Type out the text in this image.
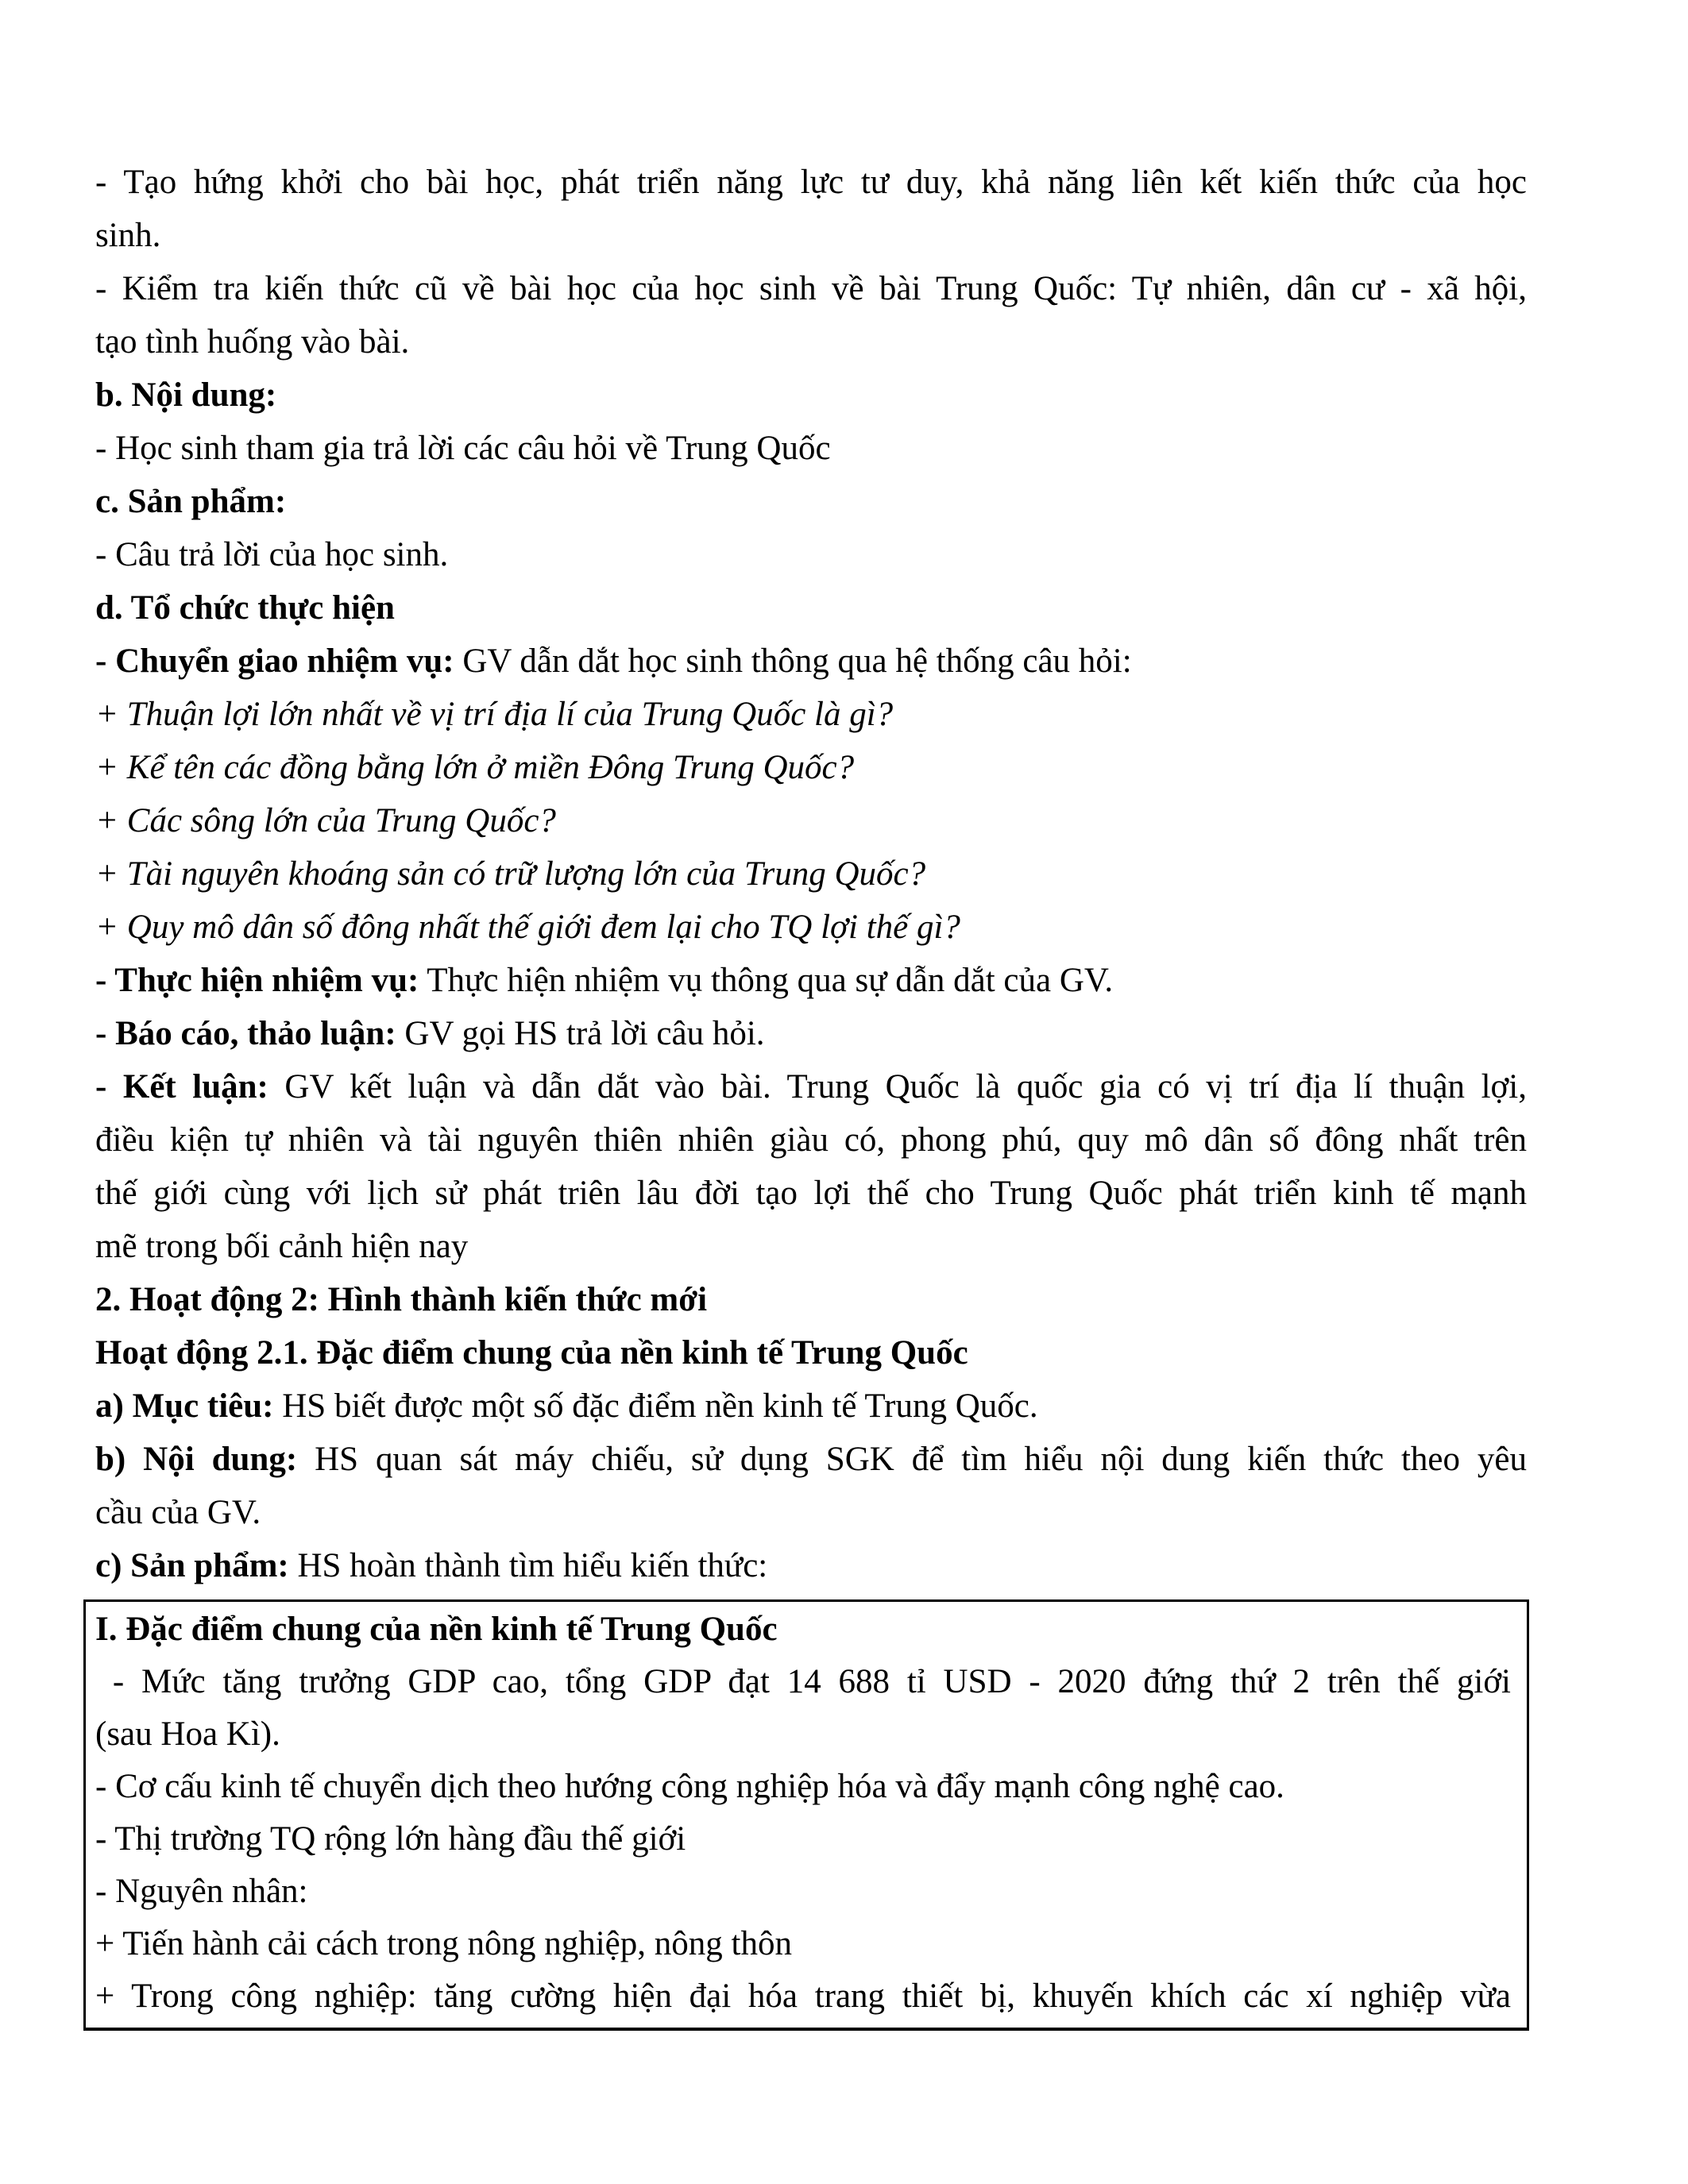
- Tạo hứng khởi cho bài học, phát triển năng lực tư duy, khả năng liên kết kiến thức của học
sinh.
- Kiểm tra kiến thức cũ về bài học của học sinh về bài Trung Quốc: Tự nhiên, dân cư - xã hội,
tạo tình huống vào bài.
b. Nội dung:
- Học sinh tham gia trả lời các câu hỏi về Trung Quốc
c. Sản phẩm:
- Câu trả lời của học sinh.
d. Tổ chức thực hiện
- Chuyển giao nhiệm vụ: GV dẫn dắt học sinh thông qua hệ thống câu hỏi:
+ Thuận lợi lớn nhất về vị trí địa lí của Trung Quốc là gì?
+ Kể tên các đồng bằng lớn ở miền Đông Trung Quốc?
+ Các sông lớn của Trung Quốc?
+ Tài nguyên khoáng sản có trữ lượng lớn của Trung Quốc?
+ Quy mô dân số đông nhất thế giới đem lại cho TQ lợi thế gì?
- Thực hiện nhiệm vụ: Thực hiện nhiệm vụ thông qua sự dẫn dắt của GV.
- Báo cáo, thảo luận: GV gọi HS trả lời câu hỏi.
- Kết luận: GV kết luận và dẫn dắt vào bài. Trung Quốc là quốc gia có vị trí địa lí thuận lợi,
điều kiện tự nhiên và tài nguyên thiên nhiên giàu có, phong phú, quy mô dân số đông nhất trên
thế giới cùng với lịch sử phát triên lâu đời tạo lợi thế cho Trung Quốc phát triển kinh tế mạnh
mẽ trong bối cảnh hiện nay
2. Hoạt động 2: Hình thành kiến thức mới
Hoạt động 2.1. Đặc điểm chung của nền kinh tế Trung Quốc
a) Mục tiêu: HS biết được một số đặc điểm nền kinh tế Trung Quốc.
b) Nội dung: HS quan sát máy chiếu, sử dụng SGK để tìm hiểu nội dung kiến thức theo yêu
cầu của GV.
c) Sản phẩm: HS hoàn thành tìm hiểu kiến thức:
I. Đặc điểm chung của nền kinh tế Trung Quốc
- Mức tăng trưởng GDP cao, tổng GDP đạt 14 688 tỉ USD - 2020 đứng thứ 2 trên thế giới
(sau Hoa Kì).
- Cơ cấu kinh tế chuyển dịch theo hướng công nghiệp hóa và đẩy mạnh công nghệ cao.
- Thị trường TQ rộng lớn hàng đầu thế giới
- Nguyên nhân:
+ Tiến hành cải cách trong nông nghiệp, nông thôn
+ Trong công nghiệp: tăng cường hiện đại hóa trang thiết bị, khuyến khích các xí nghiệp vừa
